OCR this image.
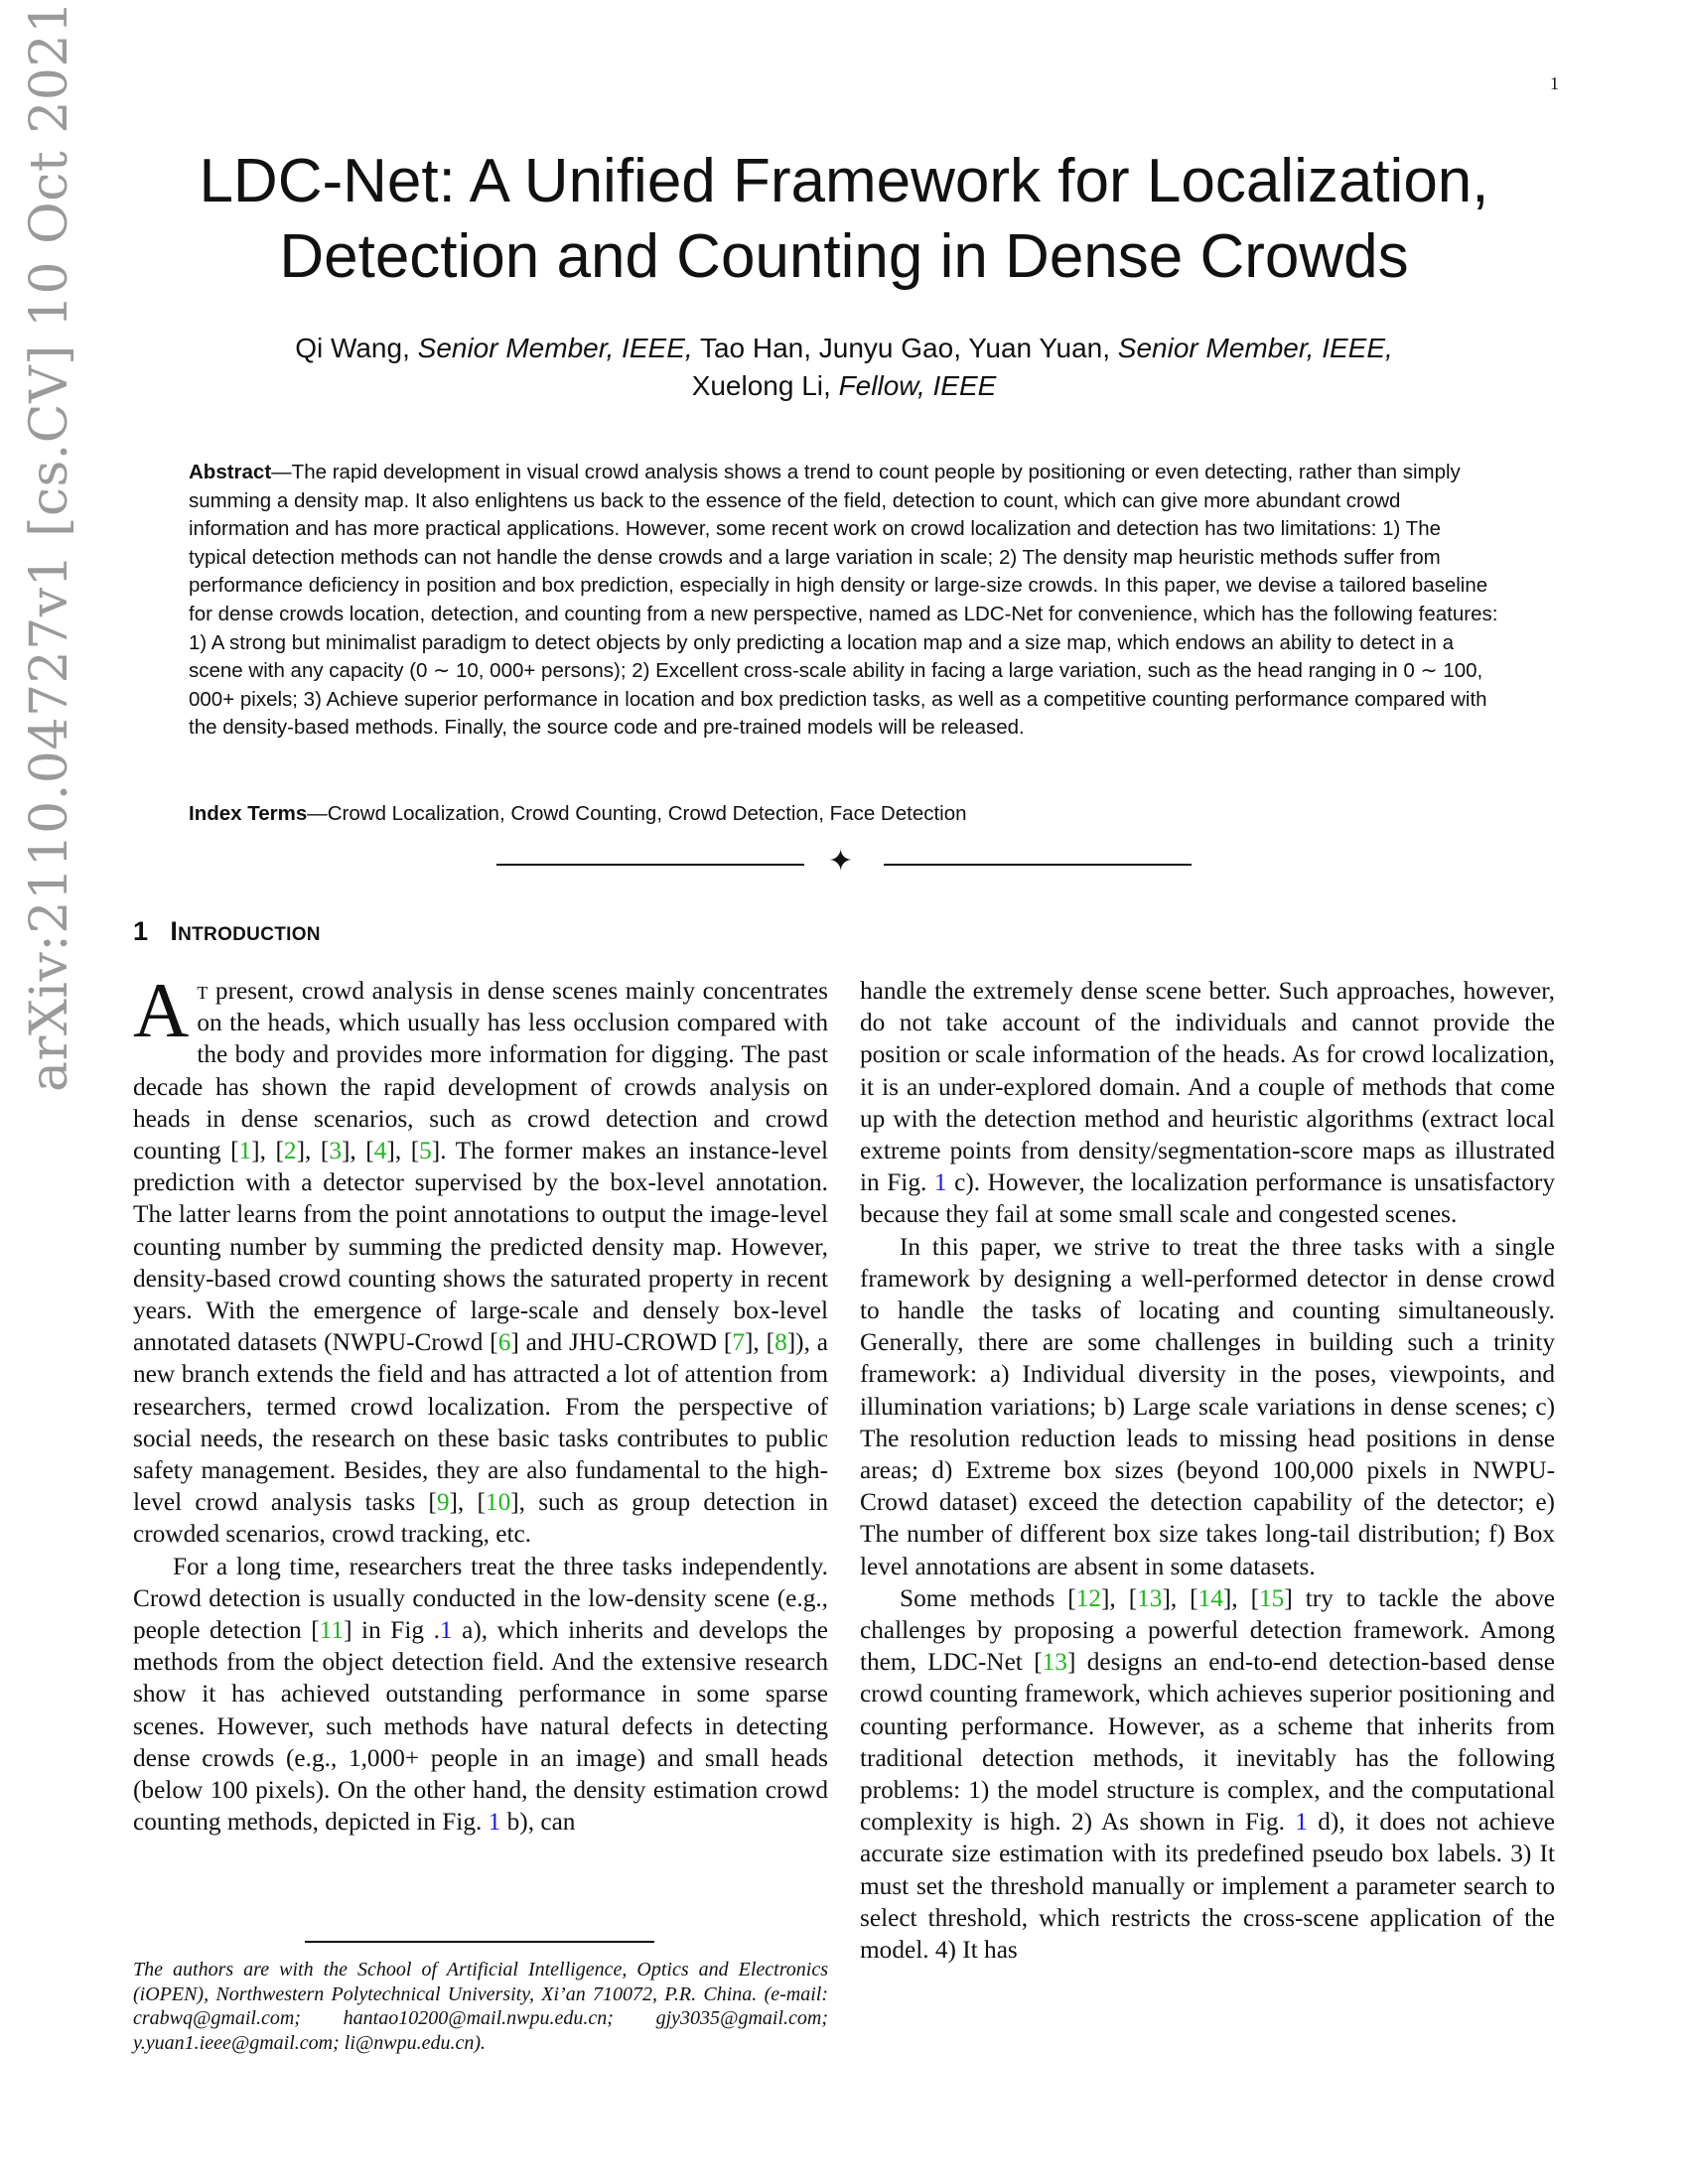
1
arXiv:2110.04727v1 [cs.CV] 10 Oct 2021	LDC-Net: A Unified Framework for Localization,
Detection and Counting in Dense Crowds
Qi Wang, Senior Member, IEEE, Tao Han, Junyu Gao, Yuan Yuan, Senior Member, IEEE,
Xuelong Li, Fellow, IEEE
Abstract—The rapid development in visual crowd analysis shows a trend to count people by positioning or even detecting, rather than simply summing a density map. It also enlightens us back to the essence of the field, detection to count, which can give more abundant crowd information and has more practical applications. However, some recent work on crowd localization and detection has two limitations: 1) The typical detection methods can not handle the dense crowds and a large variation in scale; 2) The density map heuristic methods suffer from performance deficiency in position and box prediction, especially in high density or large-size crowds. In this paper, we devise a tailored baseline for dense crowds location, detection, and counting from a new perspective, named as LDC-Net for convenience, which has the following features: 1) A strong but minimalist paradigm to detect objects by only predicting a location map and a size map, which endows an ability to detect in a scene with any capacity (0 ∼ 10, 000+ persons); 2) Excellent cross-scale ability in facing a large variation, such as the head ranging in 0 ∼ 100, 000+ pixels; 3) Achieve superior performance in location and box prediction tasks, as well as a competitive counting performance compared with the density-based methods. Finally, the source code and pre-trained models will be released.
Index Terms—Crowd Localization, Crowd Counting, Crowd Detection, Face Detection
✦
1 Introduction

At present, crowd analysis in dense scenes mainly concentrates on the heads, which usually has less occlusion compared with the body and provides more information for digging. The past decade has shown the rapid development of crowds analysis on heads in dense scenarios, such as crowd detection and crowd counting [1], [2], [3], [4], [5]. The former makes an instance-level prediction with a detector supervised by the box-level annotation. The latter learns from the point annotations to output the image-level counting number by summing the predicted density map. However, density-based crowd counting shows the saturated property in recent years. With the emergence of large-scale and densely box-level annotated datasets (NWPU-Crowd [6] and JHU-CROWD [7], [8]), a new branch extends the field and has attracted a lot of attention from researchers, termed crowd localization. From the perspective of social needs, the research on these basic tasks contributes to public safety management. Besides, they are also fundamental to the high-level crowd analysis tasks [9], [10], such as group detection in crowded scenarios, crowd tracking, etc.

For a long time, researchers treat the three tasks independently. Crowd detection is usually conducted in the low-density scene (e.g., people detection [11] in Fig .1 a), which inherits and develops the methods from the object detection field. And the extensive research show it has achieved outstanding performance in some sparse scenes. However, such methods have natural defects in detecting dense crowds (e.g., 1,000+ people in an image) and small heads (below 100 pixels). On the other hand, the density estimation crowd counting methods, depicted in Fig. 1 b), can

The authors are with the School of Artificial Intelligence, Optics and Electronics (iOPEN), Northwestern Polytechnical University, Xi’an 710072, P.R. China. (e-mail: crabwq@gmail.com; hantao10200@mail.nwpu.edu.cn; gjy3035@gmail.com; y.yuan1.ieee@gmail.com; li@nwpu.edu.cn).

handle the extremely dense scene better. Such approaches, however, do not take account of the individuals and cannot provide the position or scale information of the heads. As for crowd localization, it is an under-explored domain. And a couple of methods that come up with the detection method and heuristic algorithms (extract local extreme points from density/segmentation-score maps as illustrated in Fig. 1 c). However, the localization performance is unsatisfactory because they fail at some small scale and congested scenes.

In this paper, we strive to treat the three tasks with a single framework by designing a well-performed detector in dense crowd to handle the tasks of locating and counting simultaneously. Generally, there are some challenges in building such a trinity framework: a) Individual diversity in the poses, viewpoints, and illumination variations; b) Large scale variations in dense scenes; c) The resolution reduction leads to missing head positions in dense areas; d) Extreme box sizes (beyond 100,000 pixels in NWPU-Crowd dataset) exceed the detection capability of the detector; e) The number of different box size takes long-tail distribution; f) Box level annotations are absent in some datasets.

Some methods [12], [13], [14], [15] try to tackle the above challenges by proposing a powerful detection framework. Among them, LDC-Net [13] designs an end-to-end detection-based dense crowd counting framework, which achieves superior positioning and counting performance. However, as a scheme that inherits from traditional detection methods, it inevitably has the following problems: 1) the model structure is complex, and the computational complexity is high. 2) As shown in Fig. 1 d), it does not achieve accurate size estimation with its predefined pseudo box labels. 3) It must set the threshold manually or implement a parameter search to select threshold, which restricts the cross-scene application of the model. 4) It has
